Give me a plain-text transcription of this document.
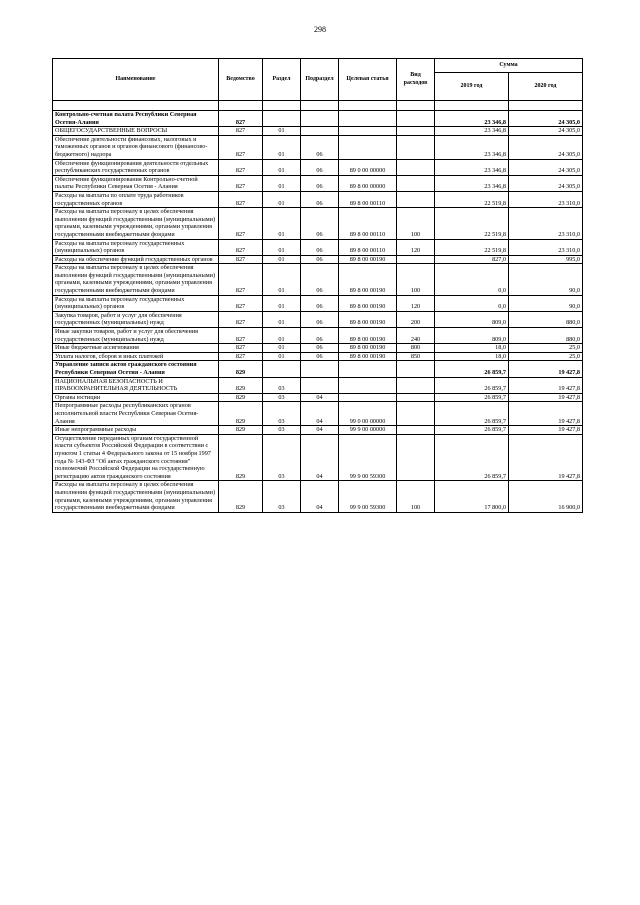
298
Наименование	Ведомство	Раздел	Подраздел	Целевая статья	Вид расходов	Сумма	
						2019 год	2020 год

Контрольно-счетная палата Республики Северная Осетия-Алания	827					23 346,8	24 305,0
ОБЩЕГОСУДАРСТВЕННЫЕ ВОПРОСЫ	827	01				23 346,8	24 305,0
Обеспечение деятельности финансовых, налоговых и таможенных органов и органов финансового (финансово-бюджетного) надзора	827	01	06			23 346,8	24 305,0
Обеспечение функционирования деятельности отдельных республиканских государственных органов	827	01	06	89 0 00 00000		23 346,8	24 305,0
Обеспечение функционирования Контрольно-счетной палаты Республики Северная Осетия - Алания	827	01	06	89 8 00 00000		23 346,8	24 305,0
Расходы на выплаты по оплате труда работников государственных органов	827	01	06	89 8 00 00110		22 519,8	23 310,0
Расходы на выплаты персоналу в целях обеспечения выполнения функций государственными (муниципальными) органами, казенными учреждениями, органами управления государственными внебюджетными фондами	827	01	06	89 8 00 00110	100	22 519,8	23 310,0
Расходы на выплаты персоналу государственных (муниципальных) органов	827	01	06	89 8 00 00110	120	22 519,8	23 310,0
Расходы на обеспечение функций государственных органов	827	01	06	89 8 00 00190		827,0	995,0
Расходы на выплаты персоналу в целях обеспечения выполнения функций государственными (муниципальными) органами, казенными учреждениями, органами управления государственными внебюджетными фондами	827	01	06	89 8 00 00190	100	0,0	90,0
Расходы на выплаты персоналу государственных (муниципальных) органов	827	01	06	89 8 00 00190	120	0,0	90,0
Закупка товаров, работ и услуг для обеспечения государственных (муниципальных) нужд	827	01	06	89 8 00 00190	200	809,0	880,0
Иные закупки товаров, работ и услуг для обеспечения государственных (муниципальных) нужд	827	01	06	89 8 00 00190	240	809,0	880,0
Иные бюджетные ассигнования	827	01	06	89 8 00 00190	800	18,0	25,0
Уплата налогов, сборов и иных платежей	827	01	06	89 8 00 00190	850	18,0	25,0
Управление записи актов гражданского состояния Республики Северная Осетия - Алания	829					26 859,7	19 427,8
НАЦИОНАЛЬНАЯ БЕЗОПАСНОСТЬ И ПРАВООХРАНИТЕЛЬНАЯ ДЕЯТЕЛЬНОСТЬ	829	03				26 859,7	19 427,8
Органы юстиции	829	03	04			26 859,7	19 427,8
Непрограммные расходы республиканских органов исполнительной власти Республики Северная Осетия-Алания	829	03	04	99 0 00 00000		26 859,7	19 427,8
Иные непрограммные расходы	829	03	04	99 9 00 00000		26 859,7	19 427,8
Осуществление переданных органам государственной власти субъектов Российской Федерации в соответствии с пунктом 1 статьи 4 Федерального закона от 15 ноября 1997 года № 143-ФЗ "Об актах гражданского состояния" полномочий Российской Федерации на государственную регистрацию актов гражданского состояния	829	03	04	99 9 00 59300		26 859,7	19 427,8
Расходы на выплаты персоналу в целях обеспечения выполнения функций государственными (муниципальными) органами, казенными учреждениями, органами управления государственными внебюджетными фондами	829	03	04	99 9 00 59300	100	17 800,0	16 900,0
